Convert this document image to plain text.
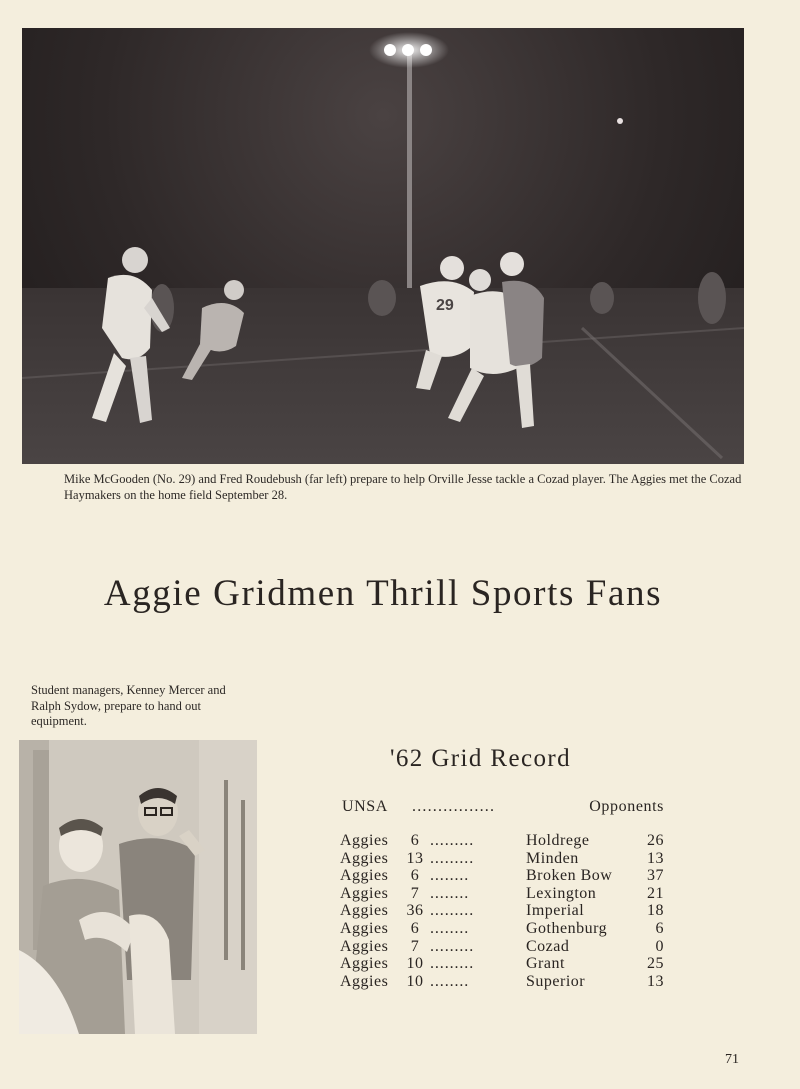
29
Mike McGooden (No. 29) and Fred Roudebush (far left) prepare to help Orville Jesse tackle a Cozad player. The Aggies met the Cozad Haymakers on the home field September 28.
Aggie Gridmen Thrill Sports Fans
Student managers, Kenney Mercer and Ralph Sydow, prepare to hand out equipment.
'62 Grid Record
UNSA ................	Opponents
Aggies	6 .........	Holdrege	26
Aggies 13 .........	Minden	13
Aggies	6 ........	Broken Bow 37
Aggies	7 ........	Lexington	21
Aggies 36 .........	Imperial	18
Aggies	6 ........	Gothenburg	6
Aggies	7 .........	Cozad	0
Aggies 10 .........	Grant	25
Aggies 10 ........	Superior	13
71
